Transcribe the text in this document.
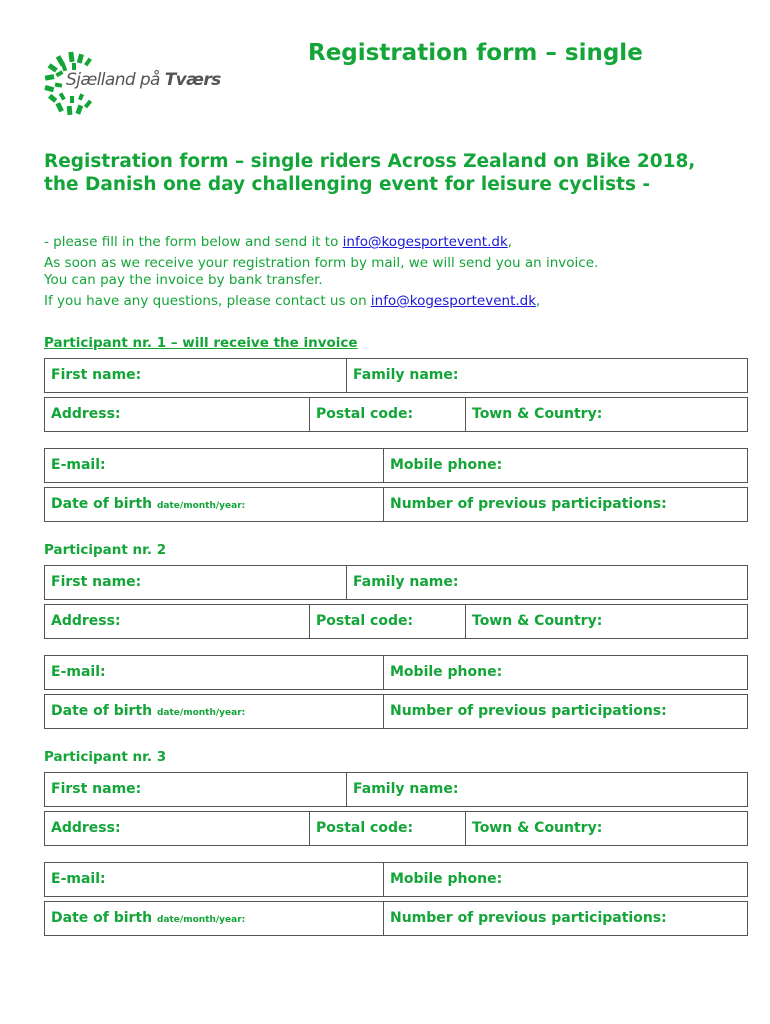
Sjælland på Tværs
Registration form – single
Registration form – single riders Across Zealand on Bike 2018,
the Danish one day challenging event for leisure cyclists -

- please fill in the form below and send it to info@kogesportevent.dk,

As soon as we receive your registration form by mail, we will send you an invoice.
You can pay the invoice by bank transfer.

If you have any questions, please contact us on info@kogesportevent.dk,

Participant nr. 1 – will receive the invoice
First name:	Family name:
Address:	Postal code:	Town & Country:
E-mail:	Mobile phone:
Date of birth date/month/year:	Number of previous participations:
Participant nr. 2
First name:	Family name:
Address:	Postal code:	Town & Country:
E-mail:	Mobile phone:
Date of birth date/month/year:	Number of previous participations:
Participant nr. 3
First name:	Family name:
Address:	Postal code:	Town & Country:
E-mail:	Mobile phone:
Date of birth date/month/year:	Number of previous participations:
